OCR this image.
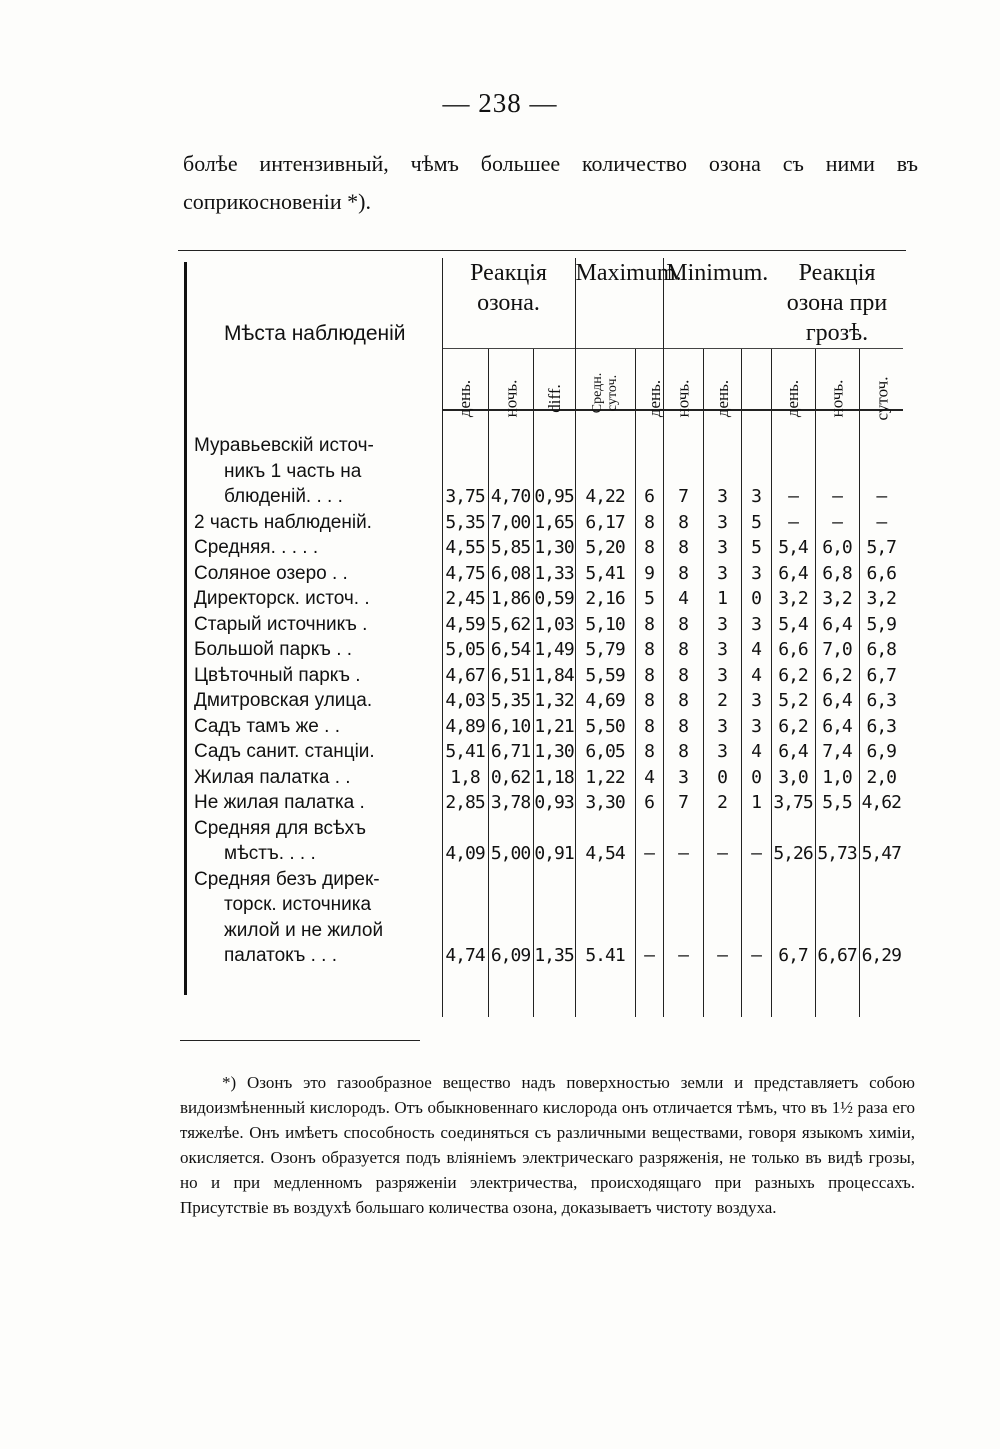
— 238 —
болѣе интензивный, чѣмъ большее количество озона съ ними въ соприкосновеніи *).
Мѣста наблюденій	Реакція озона.			Maximum.		Minimum.			Реакція озона при грозѣ.		
	день.	ночь.	diff.	Средн. суточ.	день.	ночь.	день.		день.	ночь.	суточ.

Муравьевскій источ-
никъ 1 часть на
блюденій. . . .	3,75	4,70	0,95	4,22	6	7	3	3	—	—	—

2 часть наблюденій.	5,35	7,00	1,65	6,17	8	8	3	5	—	—	—

Средняя. . . . .	4,55	5,85	1,30	5,20	8	8	3	5	5,4	6,0	5,7

Соляное озеро . .	4,75	6,08	1,33	5,41	9	8	3	3	6,4	6,8	6,6

Директорск. источ. .	2,45	1,86	0,59	2,16	5	4	1	0	3,2	3,2	3,2

Старый источникъ .	4,59	5,62	1,03	5,10	8	8	3	3	5,4	6,4	5,9

Большой паркъ . .	5,05	6,54	1,49	5,79	8	8	3	4	6,6	7,0	6,8

Цвѣточный паркъ .	4,67	6,51	1,84	5,59	8	8	3	4	6,2	6,2	6,7

Дмитровская улица.	4,03	5,35	1,32	4,69	8	8	2	3	5,2	6,4	6,3

Садъ тамъ же . .	4,89	6,10	1,21	5,50	8	8	3	3	6,2	6,4	6,3

Садъ санит. станціи.	5,41	6,71	1,30	6,05	8	8	3	4	6,4	7,4	6,9

Жилая палатка . .	1,8	0,62	1,18	1,22	4	3	0	0	3,0	1,0	2,0

Не жилая палатка .	2,85	3,78	0,93	3,30	6	7	2	1	3,75	5,5	4,62

Средняя для всѣхъ
мѣстъ. . . .	4,09	5,00	0,91	4,54	—	—	—	—	5,26	5,73	5,47

Средняя безъ дирек-
торск. источника
жилой и не жилой
палатокъ . . .	4,74	6,09	1,35	5.41	—	—	—	—	6,7	6,67	6,29

*) Озонъ это газообразное вещество надъ поверхностью земли и представляетъ собою видоизмѣненный кислородъ. Отъ обыкновеннаго кислорода онъ отличается тѣмъ, что въ 1½ раза его тяжелѣе. Онъ имѣетъ способность соединяться съ различными веществами, говоря языкомъ химіи, окисляется. Озонъ образуется подъ вліяніемъ электрическаго разряженія, не только въ видѣ грозы, но и при медленномъ разряженіи электричества, происходящаго при разныхъ процессахъ. Присутствіе въ воздухѣ большаго количества озона, доказываетъ чистоту воздуха.
